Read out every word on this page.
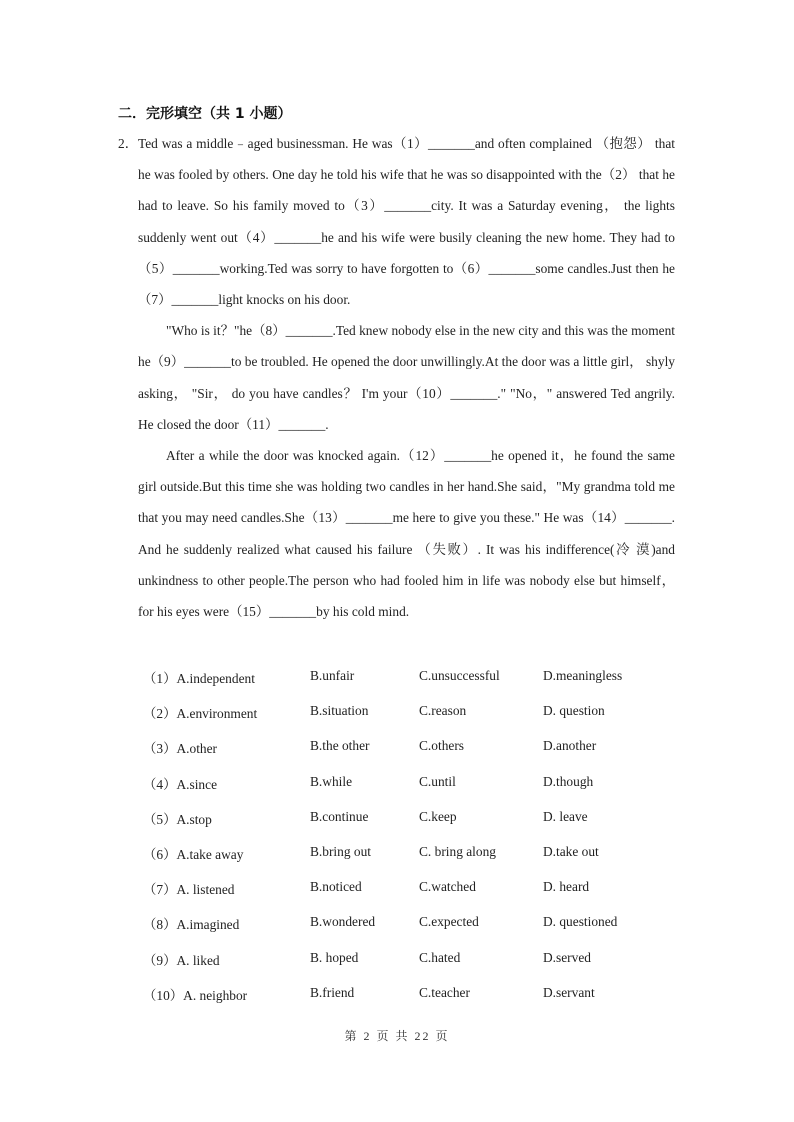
二．完形填空（共 1 小题）

2．Ted was a middle﹣aged businessman. He was（1）_______and often complained （抱怨） that he was fooled by others. One day he told his wife that he was so disappointed with the（2） that he had to leave. So his family moved to（3）_______city. It was a Saturday evening， the lights suddenly went out（4）_______he and his wife were busily cleaning the new home. They had to（5）_______working.Ted was sorry to have forgotten to（6）_______some candles.Just then he（7）_______light knocks on his door.

"Who is it？"he（8）_______.Ted knew nobody else in the new city and this was the moment he（9）_______to be troubled. He opened the door unwillingly.At the door was a little girl， shyly asking， "Sir， do you have candles？ I'm your（10）_______." "No，" answered Ted angrily. He closed the door（11）_______.

After a while the door was knocked again.（12）_______he opened it，he found the same girl outside.But this time she was holding two candles in her hand.She said，"My grandma told me that you may need candles.She（13）_______me here to give you these." He was（14）_______. And he suddenly realized what caused his failure （失败）. It was his indifference(冷 漠)and unkindness to other people.The person who had fooled him in life was nobody else but himself， for his eyes were（15）_______by his cold mind.

（1）A.independent	B.unfair	C.unsuccessful	D.meaningless
（2）A.environment	B.situation	C.reason	D. question
（3）A.other	B.the other	C.others	D.another
（4）A.since	B.while	C.until	D.though
（5）A.stop	B.continue	C.keep	D. leave
（6）A.take away	B.bring out	C. bring along	D.take out
（7）A. listened	B.noticed	C.watched	D. heard
（8）A.imagined	B.wondered	C.expected	D. questioned
（9）A. liked	B. hoped	C.hated	D.served
（10）A. neighbor	B.friend	C.teacher	D.servant
第 2 页 共 22 页
